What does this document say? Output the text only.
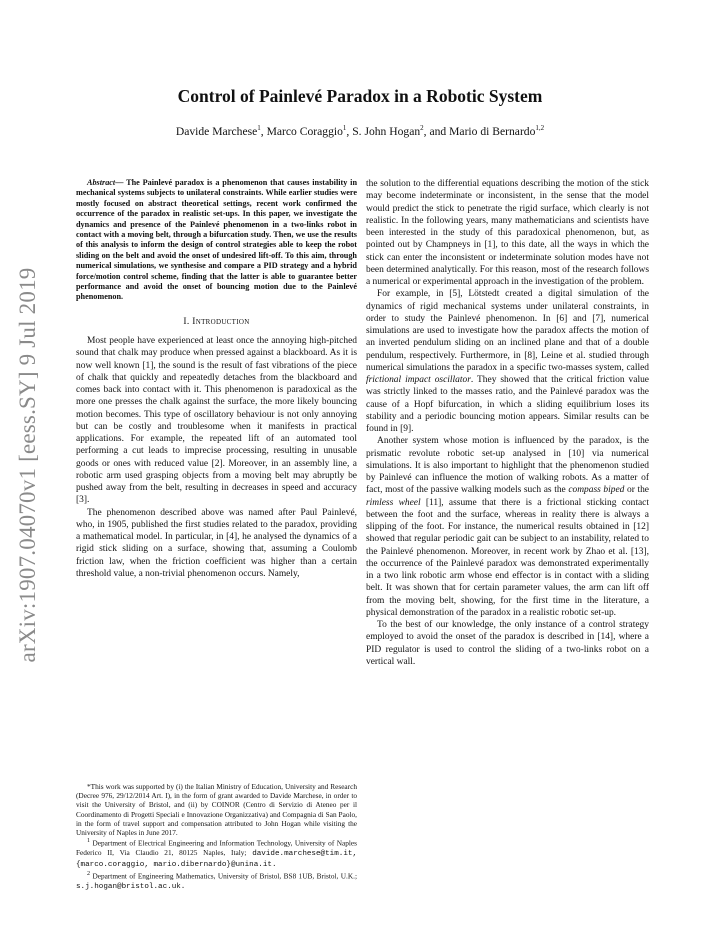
arXiv:1907.04070v1 [eess.SY] 9 Jul 2019
Control of Painlevé Paradox in a Robotic System
Davide Marchese$^1$, Marco Coraggio$^1$, S. John Hogan$^2$, and Mario di Bernardo$^{1,2}$

Abstract— The Painlevé paradox is a phenomenon that causes instability in mechanical systems subjects to unilateral constraints. While earlier studies were mostly focused on abstract theoretical settings, recent work confirmed the occurrence of the paradox in realistic set-ups. In this paper, we investigate the dynamics and presence of the Painlevé phenomenon in a two-links robot in contact with a moving belt, through a bifurcation study. Then, we use the results of this analysis to inform the design of control strategies able to keep the robot sliding on the belt and avoid the onset of undesired lift-off. To this aim, through numerical simulations, we synthesise and compare a PID strategy and a hybrid force/motion control scheme, finding that the latter is able to guarantee better performance and avoid the onset of bouncing motion due to the Painlevé phenomenon.

I. Introduction

Most people have experienced at least once the annoying high-pitched sound that chalk may produce when pressed against a blackboard. As it is now well known [1], the sound is the result of fast vibrations of the piece of chalk that quickly and repeatedly detaches from the blackboard and comes back into contact with it. This phenomenon is paradoxical as the more one presses the chalk against the surface, the more likely bouncing motion becomes. This type of oscillatory behaviour is not only annoying but can be costly and troublesome when it manifests in practical applications. For example, the repeated lift of an automated tool performing a cut leads to imprecise processing, resulting in unusable goods or ones with reduced value [2]. Moreover, in an assembly line, a robotic arm used grasping objects from a moving belt may abruptly be pushed away from the belt, resulting in decreases in speed and accuracy [3].

The phenomenon described above was named after Paul Painlevé, who, in 1905, published the first studies related to the paradox, providing a mathematical model. In particular, in [4], he analysed the dynamics of a rigid stick sliding on a surface, showing that, assuming a Coulomb friction law, when the friction coefficient was higher than a certain threshold value, a non-trivial phenomenon occurs. Namely,

*This work was supported by (i) the Italian Ministry of Education, University and Research (Decree 976, 29/12/2014 Art. I), in the form of grant awarded to Davide Marchese, in order to visit the University of Bristol, and (ii) by COINOR (Centro di Servizio di Ateneo per il Coordinamento di Progetti Speciali e Innovazione Organizzativa) and Compagnia di San Paolo, in the form of travel support and compensation attributed to John Hogan while visiting the University of Naples in June 2017.

$^1$ Department of Electrical Engineering and Information Technology, University of Naples Federico II, Via Claudio 21, 80125 Naples, Italy; davide.marchese@tim.it, {marco.coraggio, mario.dibernardo}@unina.it.

$^2$ Department of Engineering Mathematics, University of Bristol, BS8 1UB, Bristol, U.K.; s.j.hogan@bristol.ac.uk.

the solution to the differential equations describing the motion of the stick may become indeterminate or inconsistent, in the sense that the model would predict the stick to penetrate the rigid surface, which clearly is not realistic. In the following years, many mathematicians and scientists have been interested in the study of this paradoxical phenomenon, but, as pointed out by Champneys in [1], to this date, all the ways in which the stick can enter the inconsistent or indeterminate solution modes have not been determined analytically. For this reason, most of the research follows a numerical or experimental approach in the investigation of the problem.

For example, in [5], Lötstedt created a digital simulation of the dynamics of rigid mechanical systems under unilateral constraints, in order to study the Painlevé phenomenon. In [6] and [7], numerical simulations are used to investigate how the paradox affects the motion of an inverted pendulum sliding on an inclined plane and that of a double pendulum, respectively. Furthermore, in [8], Leine et al. studied through numerical simulations the paradox in a specific two-masses system, called frictional impact oscillator. They showed that the critical friction value was strictly linked to the masses ratio, and the Painlevé paradox was the cause of a Hopf bifurcation, in which a sliding equilibrium loses its stability and a periodic bouncing motion appears. Similar results can be found in [9].

Another system whose motion is influenced by the paradox, is the prismatic revolute robotic set-up analysed in [10] via numerical simulations. It is also important to highlight that the phenomenon studied by Painlevé can influence the motion of walking robots. As a matter of fact, most of the passive walking models such as the compass biped or the rimless wheel [11], assume that there is a frictional sticking contact between the foot and the surface, whereas in reality there is always a slipping of the foot. For instance, the numerical results obtained in [12] showed that regular periodic gait can be subject to an instability, related to the Painlevé phenomenon. Moreover, in recent work by Zhao et al. [13], the occurrence of the Painlevé paradox was demonstrated experimentally in a two link robotic arm whose end effector is in contact with a sliding belt. It was shown that for certain parameter values, the arm can lift off from the moving belt, showing, for the first time in the literature, a physical demonstration of the paradox in a realistic robotic set-up.

To the best of our knowledge, the only instance of a control strategy employed to avoid the onset of the paradox is described in [14], where a PID regulator is used to control the sliding of a two-links robot on a vertical wall.
